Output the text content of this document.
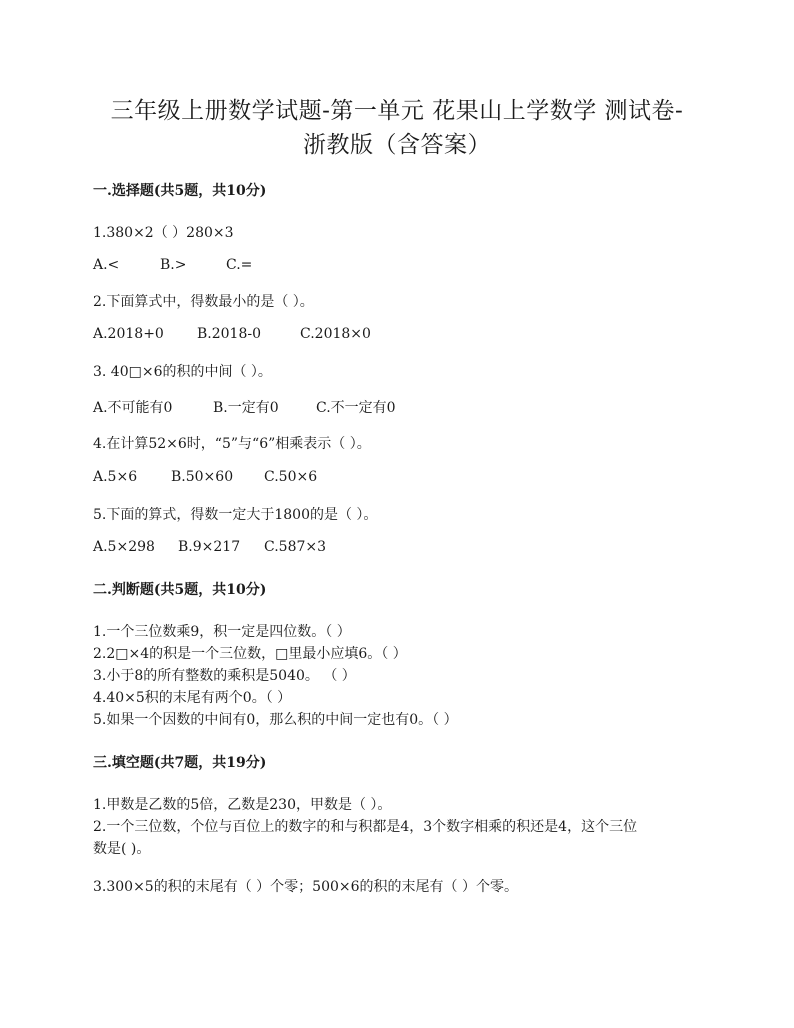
三年级上册数学试题-第一单元 花果山上学数学 测试卷-
浙教版（含答案）
一.选择题(共5题，共10分)
1.380×2（ ）280×3
A.<	B.>	C.=
2.下面算式中，得数最小的是（ ）。
A.2018+0 B.2018-0	C.2018×0
3. 40□×6的积的中间（ ）。
A.不可能有0	B.一定有0	C.不一定有0
4.在计算52×6时，“5”与“6”相乘表示（ ）。
A.5×6 B.50×60 C.50×6
5.下面的算式，得数一定大于1800的是（ ）。
A.5×298 B.9×217 C.587×3
二.判断题(共5题，共10分)
1.一个三位数乘9，积一定是四位数。（ ）
2.2□×4的积是一个三位数，□里最小应填6。（ ）
3.小于8的所有整数的乘积是5040。 （ ）
4.40×5积的末尾有两个0。（ ）
5.如果一个因数的中间有0，那么积的中间一定也有0。（ ）
三.填空题(共7题，共19分)
1.甲数是乙数的5倍，乙数是230，甲数是（ ）。
2.一个三位数，个位与百位上的数字的和与积都是4，3个数字相乘的积还是4，这个三位
数是( )。
3.300×5的积的末尾有（ ）个零；500×6的积的末尾有（ ）个零。
